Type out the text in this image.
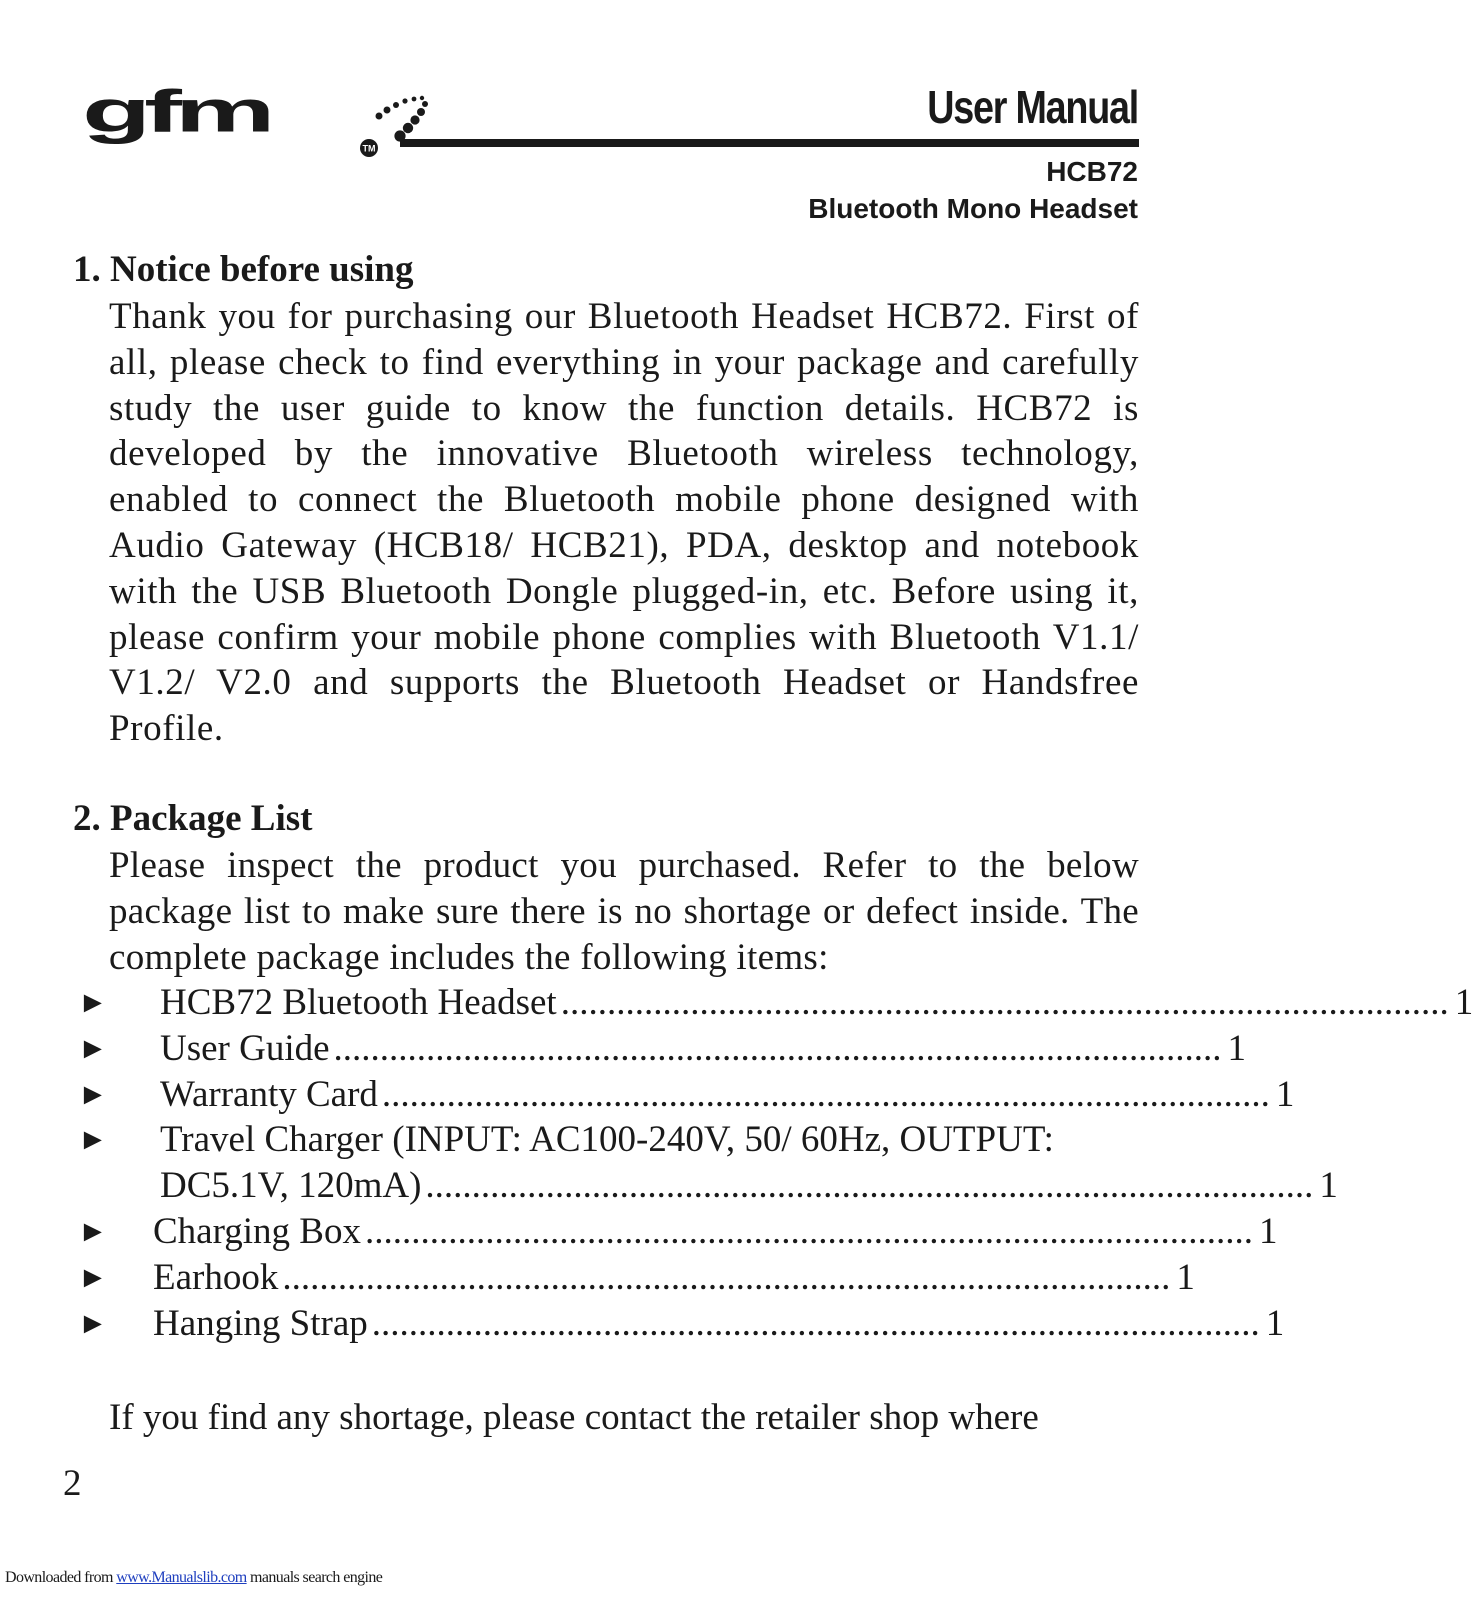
gfm
TM
User Manual

HCB72

Bluetooth Mono Headset

1. Notice before using

Thank you for purchasing our Bluetooth Headset HCB72. First of all, please check to find everything in your package and carefully study the user guide to know the function details. HCB72 is developed by the innovative Bluetooth wireless technology, enabled to connect the Bluetooth mobile phone designed with Audio Gateway (HCB18/ HCB21), PDA, desktop and notebook with the USB Bluetooth Dongle plugged-in, etc. Before using it, please confirm your mobile phone complies with Bluetooth V1.1/ V1.2/ V2.0 and supports the Bluetooth Headset or Handsfree Profile.

2. Package List

Please inspect the product you purchased. Refer to the below package list to make sure there is no shortage or defect inside. The complete package includes the following items:

► HCB72 Bluetooth Headset ................................................................................................ 1
► User Guide ................................................................................................ 1
► Warranty Card ................................................................................................ 1
► Travel Charger (INPUT: AC100-240V, 50/ 60Hz, OUTPUT:
DC5.1V, 120mA) ................................................................................................ 1
► Charging Box ................................................................................................ 1
► Earhook ................................................................................................ 1
► Hanging Strap ................................................................................................ 1

If you find any shortage, please contact the retailer shop where

2

Downloaded from www.Manualslib.com manuals search engine
